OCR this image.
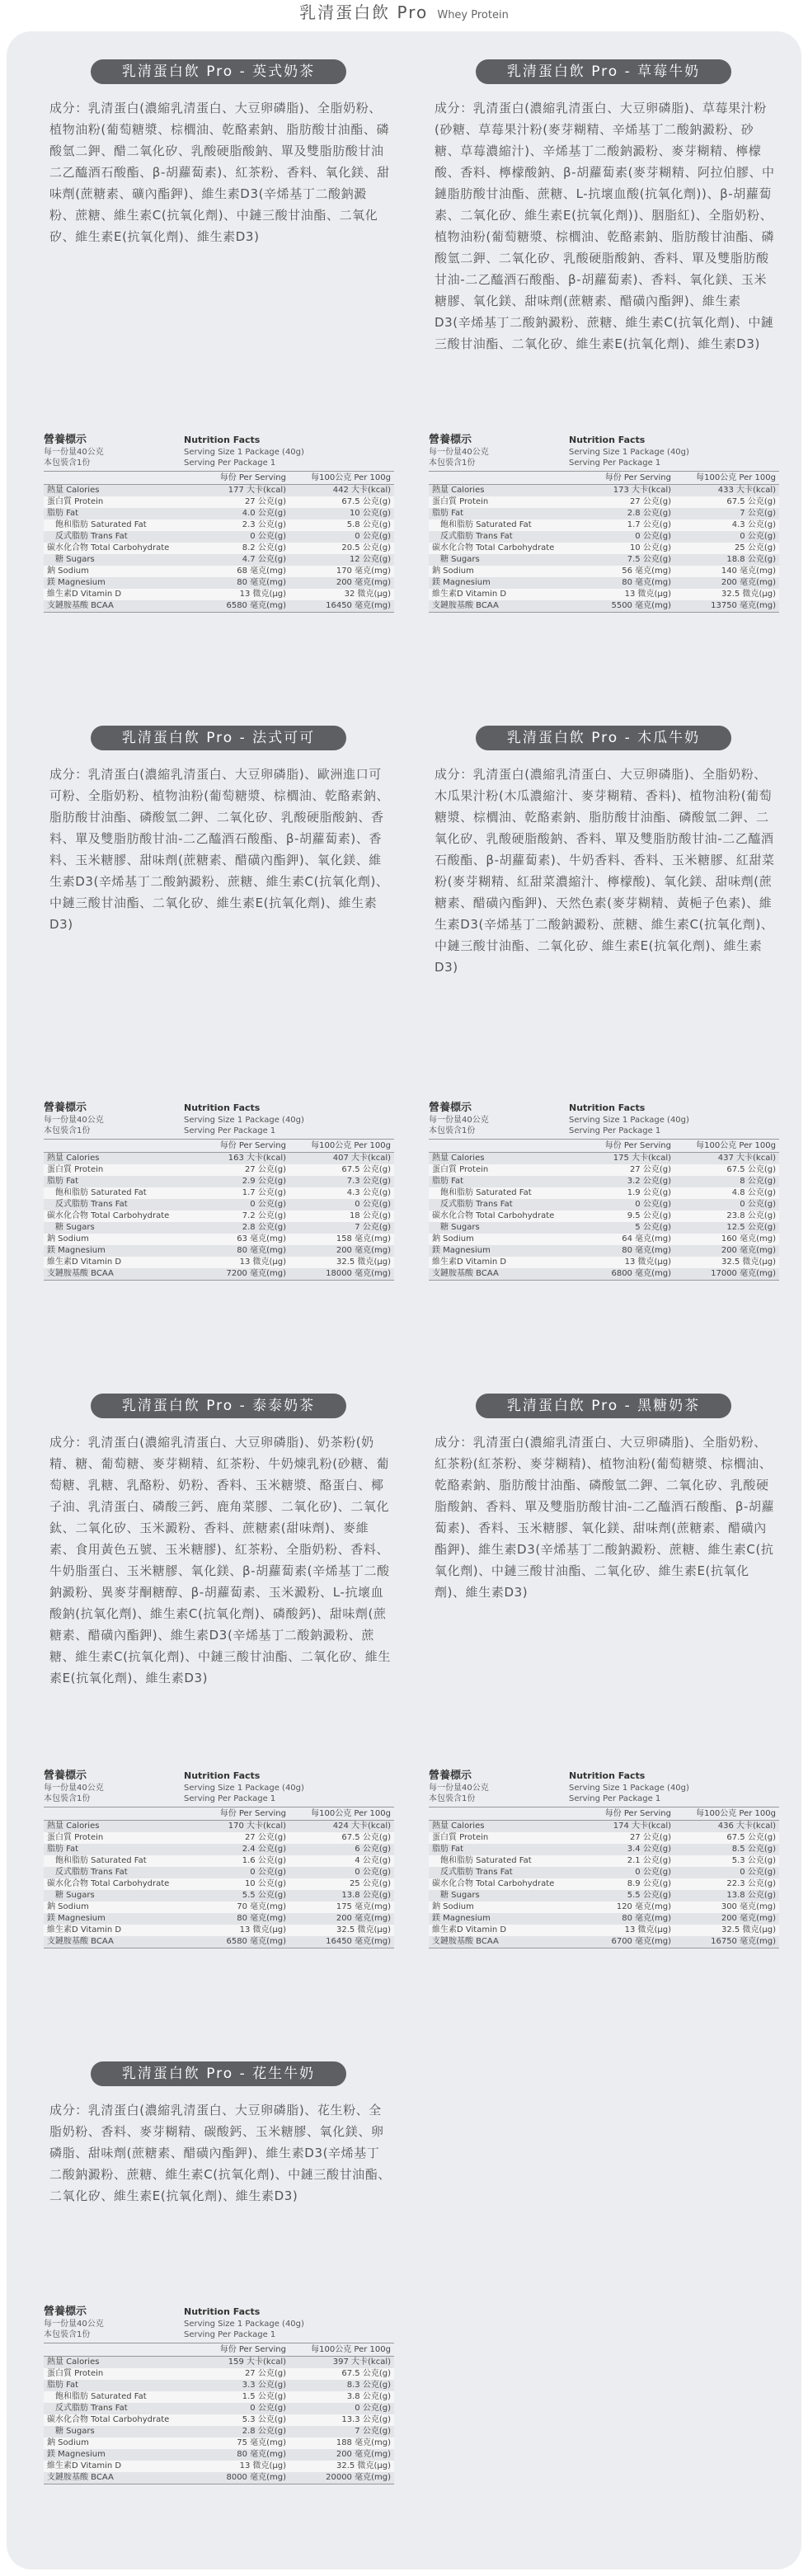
乳清蛋白飲 Pro Whey Protein
乳清蛋白飲 Pro - 英式奶茶

成分：乳清蛋白(濃縮乳清蛋白、大豆卵磷脂)、全脂奶粉、植物油粉(葡萄糖漿、棕櫚油、乾酪素鈉、脂肪酸甘油酯、磷酸氫二鉀、醋二氧化矽、乳酸硬脂酸鈉、單及雙脂肪酸甘油二乙醯酒石酸酯、β-胡蘿蔔素)、紅茶粉、香料、氧化鎂、甜味劑(蔗糖素、礦內酯鉀)、維生素D3(辛烯基丁二酸鈉澱粉、蔗糖、維生素C(抗氧化劑)、中鏈三酸甘油酯、二氧化矽、維生素E(抗氧化劑)、維生素D3)

營養標示
每一份量40公克
本包裝含1份
Nutrition Facts
Serving Size 1 Package (40g)
Serving Per Package 1
每份 Per Serving	每100公克 Per 100g
熱量 Calories	177 大卡(kcal)	442 大卡(kcal)
蛋白質 Protein	27 公克(g)	67.5 公克(g)
脂肪 Fat	4.0 公克(g)	10 公克(g)
飽和脂肪 Saturated Fat	2.3 公克(g)	5.8 公克(g)
反式脂肪 Trans Fat	0 公克(g)	0 公克(g)
碳水化合物 Total Carbohydrate	8.2 公克(g)	20.5 公克(g)
糖 Sugars	4.7 公克(g)	12 公克(g)
鈉 Sodium	68 毫克(mg)	170 毫克(mg)
鎂 Magnesium	80 毫克(mg)	200 毫克(mg)
維生素D Vitamin D	13 微克(μg)	32 微克(μg)
支鏈胺基酸 BCAA	6580 毫克(mg)	16450 毫克(mg)
乳清蛋白飲 Pro - 草莓牛奶

成分：乳清蛋白(濃縮乳清蛋白、大豆卵磷脂)、草莓果汁粉(砂糖、草莓果汁粉(麥芽糊精、辛烯基丁二酸鈉澱粉、砂糖、草莓濃縮汁)、辛烯基丁二酸鈉澱粉、麥芽糊精、檸檬酸、香料、檸檬酸鈉、β-胡蘿蔔素(麥芽糊精、阿拉伯膠、中鏈脂肪酸甘油酯、蔗糖、L-抗壞血酸(抗氧化劑))、β-胡蘿蔔素、二氧化矽、維生素E(抗氧化劑))、胭脂紅)、全脂奶粉、植物油粉(葡萄糖漿、棕櫚油、乾酪素鈉、脂肪酸甘油酯、磷酸氫二鉀、二氧化矽、乳酸硬脂酸鈉、香料、單及雙脂肪酸甘油-二乙醯酒石酸酯、β-胡蘿蔔素)、香料、氧化鎂、玉米糖膠、氧化鎂、甜味劑(蔗糖素、醋磺內酯鉀)、維生素D3(辛烯基丁二酸鈉澱粉、蔗糖、維生素C(抗氧化劑)、中鏈三酸甘油酯、二氧化矽、維生素E(抗氧化劑)、維生素D3)

營養標示
每一份量40公克
本包裝含1份
Nutrition Facts
Serving Size 1 Package (40g)
Serving Per Package 1
每份 Per Serving	每100公克 Per 100g
熱量 Calories	173 大卡(kcal)	433 大卡(kcal)
蛋白質 Protein	27 公克(g)	67.5 公克(g)
脂肪 Fat	2.8 公克(g)	7 公克(g)
飽和脂肪 Saturated Fat	1.7 公克(g)	4.3 公克(g)
反式脂肪 Trans Fat	0 公克(g)	0 公克(g)
碳水化合物 Total Carbohydrate	10 公克(g)	25 公克(g)
糖 Sugars	7.5 公克(g)	18.8 公克(g)
鈉 Sodium	56 毫克(mg)	140 毫克(mg)
鎂 Magnesium	80 毫克(mg)	200 毫克(mg)
維生素D Vitamin D	13 微克(μg)	32.5 微克(μg)
支鏈胺基酸 BCAA	5500 毫克(mg)	13750 毫克(mg)
乳清蛋白飲 Pro - 法式可可

成分：乳清蛋白(濃縮乳清蛋白、大豆卵磷脂)、歐洲進口可可粉、全脂奶粉、植物油粉(葡萄糖漿、棕櫚油、乾酪素鈉、脂肪酸甘油酯、磷酸氫二鉀、二氧化矽、乳酸硬脂酸鈉、香料、單及雙脂肪酸甘油-二乙醯酒石酸酯、β-胡蘿蔔素)、香料、玉米糖膠、甜味劑(蔗糖素、醋磺內酯鉀)、氧化鎂、維生素D3(辛烯基丁二酸鈉澱粉、蔗糖、維生素C(抗氧化劑)、中鏈三酸甘油酯、二氧化矽、維生素E(抗氧化劑)、維生素D3)

營養標示
每一份量40公克
本包裝含1份
Nutrition Facts
Serving Size 1 Package (40g)
Serving Per Package 1
每份 Per Serving	每100公克 Per 100g
熱量 Calories	163 大卡(kcal)	407 大卡(kcal)
蛋白質 Protein	27 公克(g)	67.5 公克(g)
脂肪 Fat	2.9 公克(g)	7.3 公克(g)
飽和脂肪 Saturated Fat	1.7 公克(g)	4.3 公克(g)
反式脂肪 Trans Fat	0 公克(g)	0 公克(g)
碳水化合物 Total Carbohydrate	7.2 公克(g)	18 公克(g)
糖 Sugars	2.8 公克(g)	7 公克(g)
鈉 Sodium	63 毫克(mg)	158 毫克(mg)
鎂 Magnesium	80 毫克(mg)	200 毫克(mg)
維生素D Vitamin D	13 微克(μg)	32.5 微克(μg)
支鏈胺基酸 BCAA	7200 毫克(mg)	18000 毫克(mg)
乳清蛋白飲 Pro - 木瓜牛奶

成分：乳清蛋白(濃縮乳清蛋白、大豆卵磷脂)、全脂奶粉、木瓜果汁粉(木瓜濃縮汁、麥芽糊精、香料)、植物油粉(葡萄糖漿、棕櫚油、乾酪素鈉、脂肪酸甘油酯、磷酸氫二鉀、二氧化矽、乳酸硬脂酸鈉、香料、單及雙脂肪酸甘油-二乙醯酒石酸酯、β-胡蘿蔔素)、牛奶香料、香料、玉米糖膠、紅甜菜粉(麥芽糊精、紅甜菜濃縮汁、檸檬酸)、氧化鎂、甜味劑(蔗糖素、醋磺內酯鉀)、天然色素(麥芽糊精、黃梔子色素)、維生素D3(辛烯基丁二酸鈉澱粉、蔗糖、維生素C(抗氧化劑)、中鏈三酸甘油酯、二氧化矽、維生素E(抗氧化劑)、維生素D3)

營養標示
每一份量40公克
本包裝含1份
Nutrition Facts
Serving Size 1 Package (40g)
Serving Per Package 1
每份 Per Serving	每100公克 Per 100g
熱量 Calories	175 大卡(kcal)	437 大卡(kcal)
蛋白質 Protein	27 公克(g)	67.5 公克(g)
脂肪 Fat	3.2 公克(g)	8 公克(g)
飽和脂肪 Saturated Fat	1.9 公克(g)	4.8 公克(g)
反式脂肪 Trans Fat	0 公克(g)	0 公克(g)
碳水化合物 Total Carbohydrate	9.5 公克(g)	23.8 公克(g)
糖 Sugars	5 公克(g)	12.5 公克(g)
鈉 Sodium	64 毫克(mg)	160 毫克(mg)
鎂 Magnesium	80 毫克(mg)	200 毫克(mg)
維生素D Vitamin D	13 微克(μg)	32.5 微克(μg)
支鏈胺基酸 BCAA	6800 毫克(mg)	17000 毫克(mg)
乳清蛋白飲 Pro - 泰泰奶茶

成分：乳清蛋白(濃縮乳清蛋白、大豆卵磷脂)、奶茶粉(奶精、糖、葡萄糖、麥芽糊精、紅茶粉、牛奶煉乳粉(砂糖、葡萄糖、乳糖、乳酪粉、奶粉、香料、玉米糖漿、酪蛋白、椰子油、乳清蛋白、磷酸三鈣、鹿角菜膠、二氧化矽)、二氧化鈦、二氧化矽、玉米澱粉、香料、蔗糖素(甜味劑)、麥維素、食用黃色五號、玉米糖膠)、紅茶粉、全脂奶粉、香料、牛奶脂蛋白、玉米糖膠、氧化鎂、β-胡蘿蔔素(辛烯基丁二酸鈉澱粉、異麥芽酮糖醇、β-胡蘿蔔素、玉米澱粉、L-抗壞血酸鈉(抗氧化劑)、維生素C(抗氧化劑)、磷酸鈣)、甜味劑(蔗糖素、醋磺內酯鉀)、維生素D3(辛烯基丁二酸鈉澱粉、蔗糖、維生素C(抗氧化劑)、中鏈三酸甘油酯、二氧化矽、維生素E(抗氧化劑)、維生素D3)

營養標示
每一份量40公克
本包裝含1份
Nutrition Facts
Serving Size 1 Package (40g)
Serving Per Package 1
每份 Per Serving	每100公克 Per 100g
熱量 Calories	170 大卡(kcal)	424 大卡(kcal)
蛋白質 Protein	27 公克(g)	67.5 公克(g)
脂肪 Fat	2.4 公克(g)	6 公克(g)
飽和脂肪 Saturated Fat	1.6 公克(g)	4 公克(g)
反式脂肪 Trans Fat	0 公克(g)	0 公克(g)
碳水化合物 Total Carbohydrate	10 公克(g)	25 公克(g)
糖 Sugars	5.5 公克(g)	13.8 公克(g)
鈉 Sodium	70 毫克(mg)	175 毫克(mg)
鎂 Magnesium	80 毫克(mg)	200 毫克(mg)
維生素D Vitamin D	13 微克(μg)	32.5 微克(μg)
支鏈胺基酸 BCAA	6580 毫克(mg)	16450 毫克(mg)
乳清蛋白飲 Pro - 黑糖奶茶

成分：乳清蛋白(濃縮乳清蛋白、大豆卵磷脂)、全脂奶粉、紅茶粉(紅茶粉、麥芽糊精)、植物油粉(葡萄糖漿、棕櫚油、乾酪素鈉、脂肪酸甘油酯、磷酸氫二鉀、二氧化矽、乳酸硬脂酸鈉、香料、單及雙脂肪酸甘油-二乙醯酒石酸酯、β-胡蘿蔔素)、香料、玉米糖膠、氧化鎂、甜味劑(蔗糖素、醋磺內酯鉀)、維生素D3(辛烯基丁二酸鈉澱粉、蔗糖、維生素C(抗氧化劑)、中鏈三酸甘油酯、二氧化矽、維生素E(抗氧化劑)、維生素D3)

營養標示
每一份量40公克
本包裝含1份
Nutrition Facts
Serving Size 1 Package (40g)
Serving Per Package 1
每份 Per Serving	每100公克 Per 100g
熱量 Calories	174 大卡(kcal)	436 大卡(kcal)
蛋白質 Protein	27 公克(g)	67.5 公克(g)
脂肪 Fat	3.4 公克(g)	8.5 公克(g)
飽和脂肪 Saturated Fat	2.1 公克(g)	5.3 公克(g)
反式脂肪 Trans Fat	0 公克(g)	0 公克(g)
碳水化合物 Total Carbohydrate	8.9 公克(g)	22.3 公克(g)
糖 Sugars	5.5 公克(g)	13.8 公克(g)
鈉 Sodium	120 毫克(mg)	300 毫克(mg)
鎂 Magnesium	80 毫克(mg)	200 毫克(mg)
維生素D Vitamin D	13 微克(μg)	32.5 微克(μg)
支鏈胺基酸 BCAA	6700 毫克(mg)	16750 毫克(mg)
乳清蛋白飲 Pro - 花生牛奶

成分：乳清蛋白(濃縮乳清蛋白、大豆卵磷脂)、花生粉、全脂奶粉、香料、麥芽糊精、碳酸鈣、玉米糖膠、氧化鎂、卵磷脂、甜味劑(蔗糖素、醋磺內酯鉀)、維生素D3(辛烯基丁二酸鈉澱粉、蔗糖、維生素C(抗氧化劑)、中鏈三酸甘油酯、二氧化矽、維生素E(抗氧化劑)、維生素D3)

營養標示
每一份量40公克
本包裝含1份
Nutrition Facts
Serving Size 1 Package (40g)
Serving Per Package 1
每份 Per Serving	每100公克 Per 100g
熱量 Calories	159 大卡(kcal)	397 大卡(kcal)
蛋白質 Protein	27 公克(g)	67.5 公克(g)
脂肪 Fat	3.3 公克(g)	8.3 公克(g)
飽和脂肪 Saturated Fat	1.5 公克(g)	3.8 公克(g)
反式脂肪 Trans Fat	0 公克(g)	0 公克(g)
碳水化合物 Total Carbohydrate	5.3 公克(g)	13.3 公克(g)
糖 Sugars	2.8 公克(g)	7 公克(g)
鈉 Sodium	75 毫克(mg)	188 毫克(mg)
鎂 Magnesium	80 毫克(mg)	200 毫克(mg)
維生素D Vitamin D	13 微克(μg)	32.5 微克(μg)
支鏈胺基酸 BCAA	8000 毫克(mg)	20000 毫克(mg)
